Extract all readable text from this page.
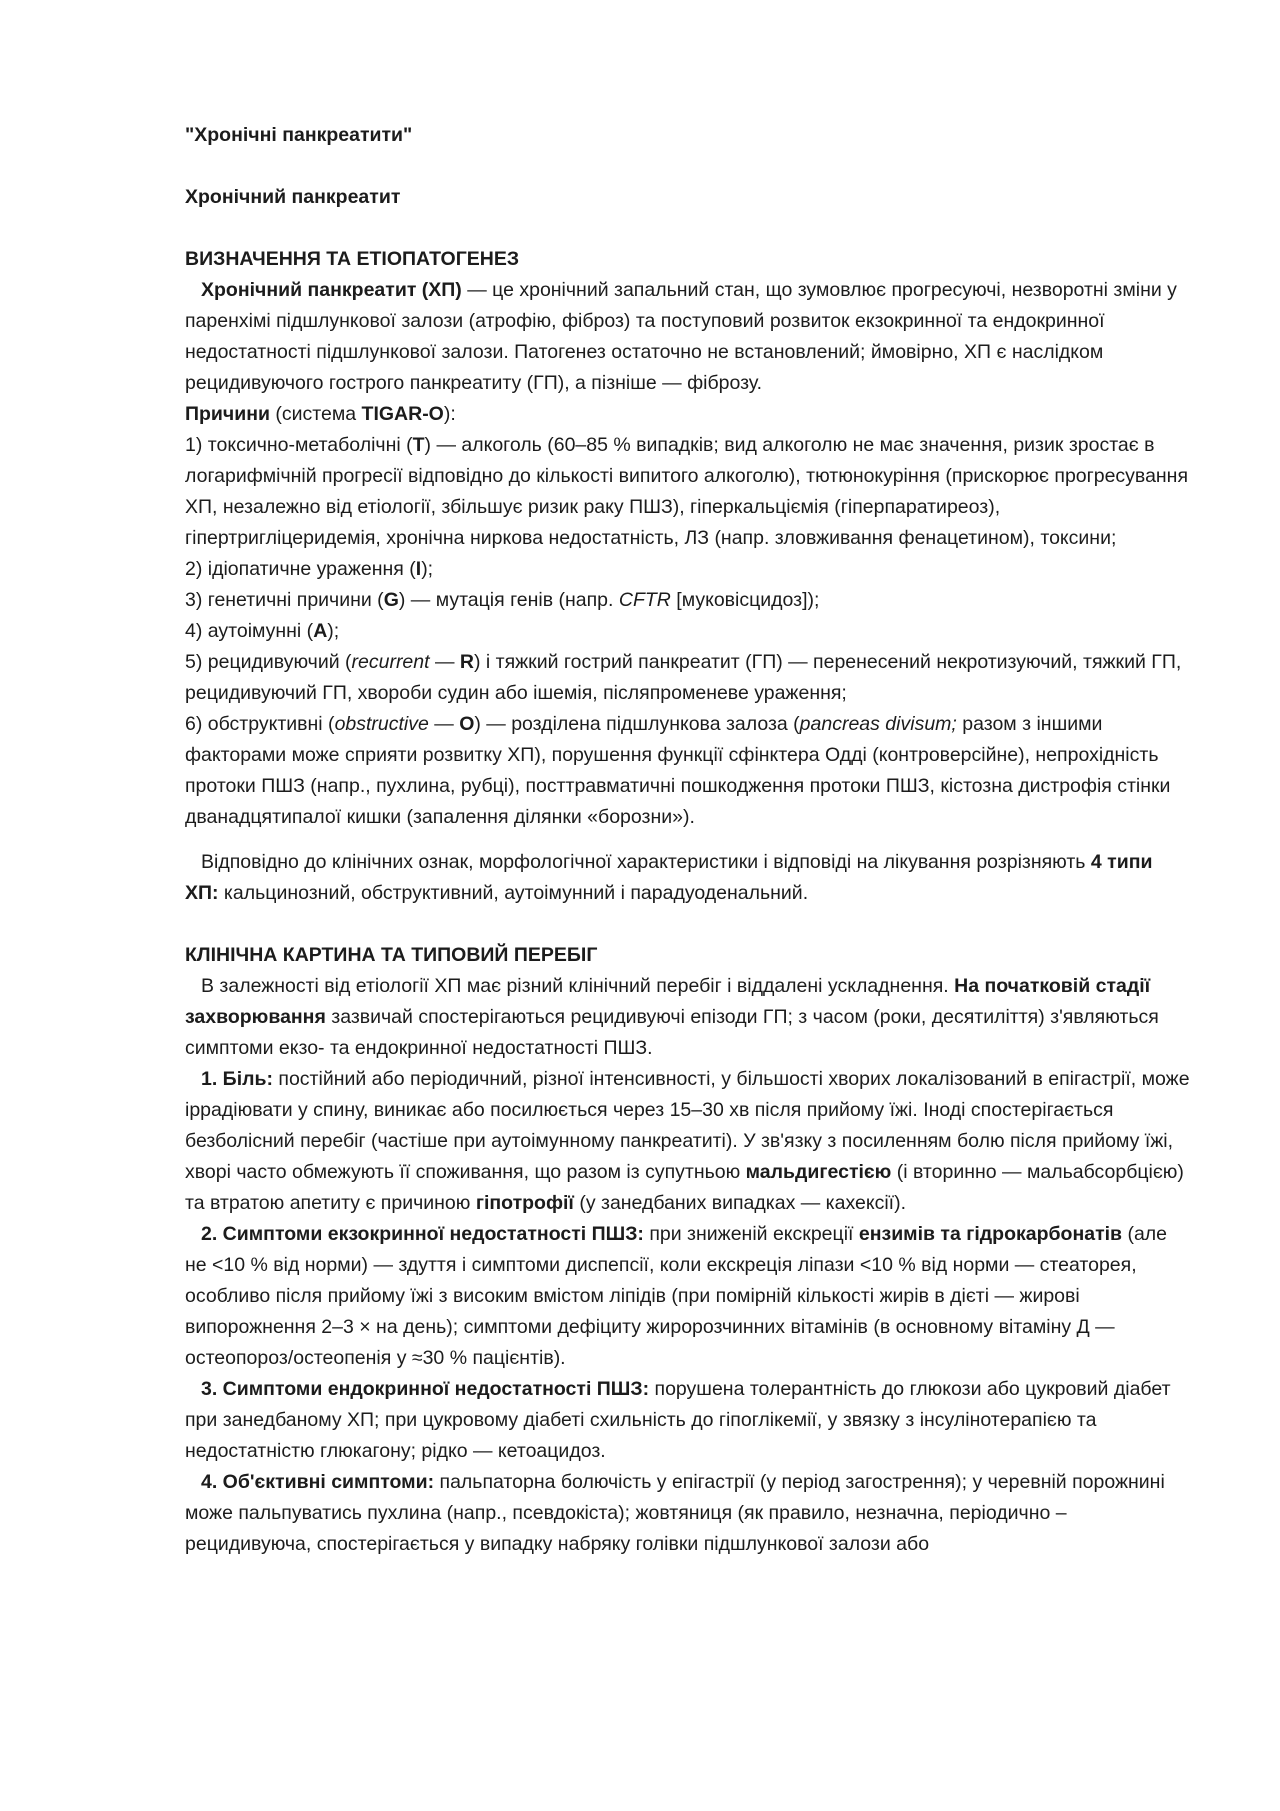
"Хронічні панкреатити"

Хронічний панкреатит

ВИЗНАЧЕННЯ ТА ЕТІОПАТОГЕНЕЗ

Хронічний панкреатит (ХП) — це хронічний запальний стан, що зумовлює прогресуючі, незворотні зміни у паренхімі підшлункової залози (атрофію, фіброз) та поступовий розвиток екзокринної та ендокринної недостатності підшлункової залози. Патогенез остаточно не встановлений; ймовірно, ХП є наслідком рецидивуючого гострого панкреатиту (ГП), а пізніше — фіброзу.

Причини (система TIGAR-O):

1) токсично-метаболічні (T) — алкоголь (60–85 % випадків; вид алкоголю не має значення, ризик зростає в логарифмічній прогресії відповідно до кількості випитого алкоголю), тютюнокуріння (прискорює прогресування ХП, незалежно від етіології, збільшує ризик раку ПШЗ), гіперкальціємія (гіперпаратиреоз), гіпертригліцеридемія, хронічна ниркова недостатність, ЛЗ (напр. зловживання фенацетином), токсини;

2) ідіопатичне ураження (I);

3) генетичні причини (G) — мутація генів (напр. CFTR [муковісцидоз]);

4) аутоімунні (A);

5) рецидивуючий (recurrent — R) і тяжкий гострий панкреатит (ГП) — перенесений некротизуючий, тяжкий ГП, рецидивуючий ГП, хвороби судин або ішемія, післяпроменеве ураження;

6) обструктивні (obstructive — O) — розділена підшлункова залоза (pancreas divisum; разом з іншими факторами може сприяти розвитку ХП), порушення функції сфінктера Одді (контроверсійне), непрохідність протоки ПШЗ (напр., пухлина, рубці), посттравматичні пошкодження протоки ПШЗ, кістозна дистрофія стінки дванадцятипалої кишки (запалення ділянки «борозни»).

Відповідно до клінічних ознак, морфологічної характеристики і відповіді на лікування розрізняють 4 типи ХП: кальцинозний, обструктивний, аутоімунний і парадуоденальний.

КЛІНІЧНА КАРТИНА ТА ТИПОВИЙ ПЕРЕБІГ

В залежності від етіології ХП має різний клінічний перебіг і віддалені ускладнення. На початковій стадії захворювання зазвичай спостерігаються рецидивуючі епізоди ГП; з часом (роки, десятиліття) з'являються симптоми екзо- та ендокринної недостатності ПШЗ.

1. Біль: постійний або періодичний, різної інтенсивності, у більшості хворих локалізований в епігастрії, може іррадіювати у спину, виникає або посилюється через 15–30 хв після прийому їжі. Іноді спостерігається безболісний перебіг (частіше при аутоімунному панкреатиті). У зв'язку з посиленням болю після прийому їжі, хворі часто обмежують її споживання, що разом із супутньою мальдигестією (і вторинно — мальабсорбцією) та втратою апетиту є причиною гіпотрофії (у занедбаних випадках — кахексії).

2. Симптоми екзокринної недостатності ПШЗ: при зниженій екскреції ензимів та гідрокарбонатів (але не <10 % від норми) — здуття і симптоми диспепсії, коли екскреція ліпази <10 % від норми — стеаторея, особливо після прийому їжі з високим вмістом ліпідів (при помірній кількості жирів в дієті — жирові випорожнення 2–3 × на день); симптоми дефіциту жиророзчинних вітамінів (в основному вітаміну Д — остеопороз/остеопенія у ≈30 % пацієнтів).

3. Симптоми ендокринної недостатності ПШЗ: порушена толерантність до глюкози або цукровий діабет при занедбаному ХП; при цукровому діабеті схильність до гіпоглікемії, у звязку з інсулінотерапією та недостатністю глюкагону; рідко — кетоацидоз.

4. Об'єктивні симптоми: пальпаторна болючість у епігастрії (у період загострення); у черевній порожнині може пальпуватись пухлина (напр., псевдокіста); жовтяниця (як правило, незначна, періодично – рецидивуюча, спостерігається у випадку набряку голівки підшлункової залози або
